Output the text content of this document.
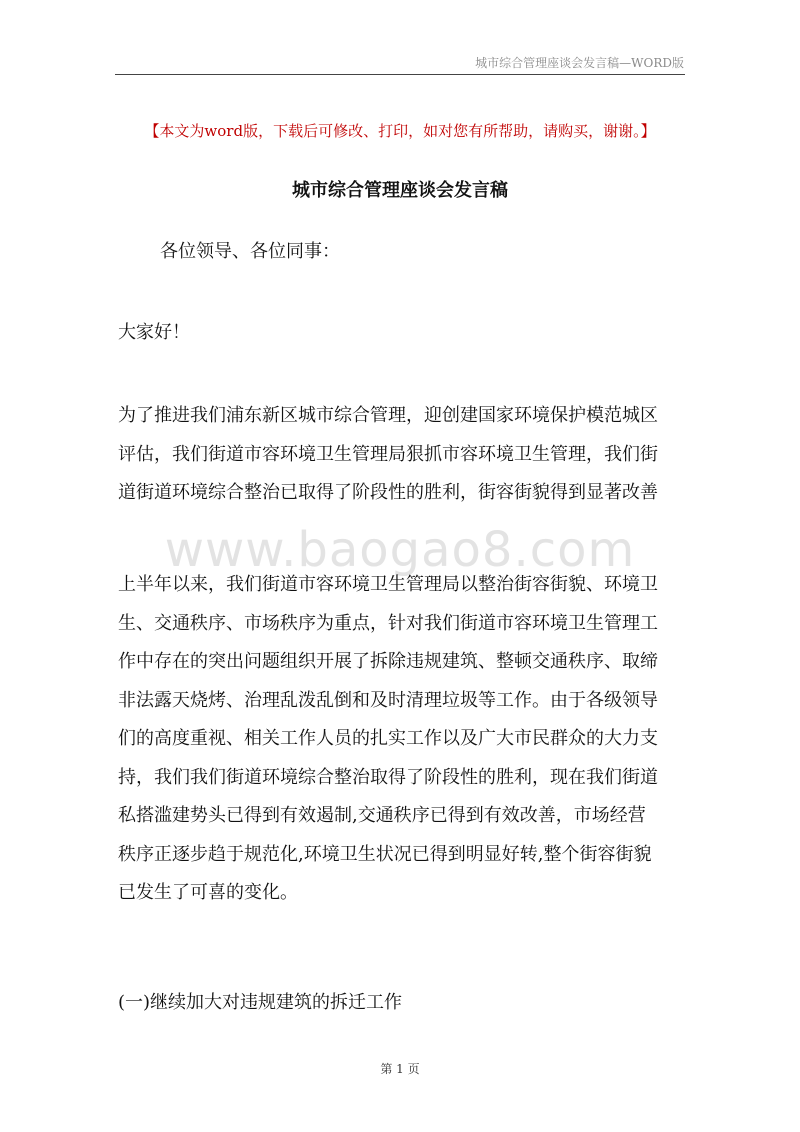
城市综合管理座谈会发言稿—WORD版
【本文为word版，下载后可修改、打印，如对您有所帮助，请购买，谢谢。】
城市综合管理座谈会发言稿
各位领导、各位同事：
大家好！
为了推进我们浦东新区城市综合管理，迎创建国家环境保护模范城区
评估，我们街道市容环境卫生管理局狠抓市容环境卫生管理，我们街
道街道环境综合整治已取得了阶段性的胜利，街容街貌得到显著改善
www.baogao8.com
上半年以来，我们街道市容环境卫生管理局以整治街容街貌、环境卫
生、交通秩序、市场秩序为重点，针对我们街道市容环境卫生管理工
作中存在的突出问题组织开展了拆除违规建筑、整顿交通秩序、取缔
非法露天烧烤、治理乱泼乱倒和及时清理垃圾等工作。由于各级领导
们的高度重视、相关工作人员的扎实工作以及广大市民群众的大力支
持，我们我们街道环境综合整治取得了阶段性的胜利，现在我们街道
私搭滥建势头已得到有效遏制,交通秩序已得到有效改善，市场经营
秩序正逐步趋于规范化,环境卫生状况已得到明显好转,整个街容街貌
已发生了可喜的变化。
(一)继续加大对违规建筑的拆迁工作
第 1 页
